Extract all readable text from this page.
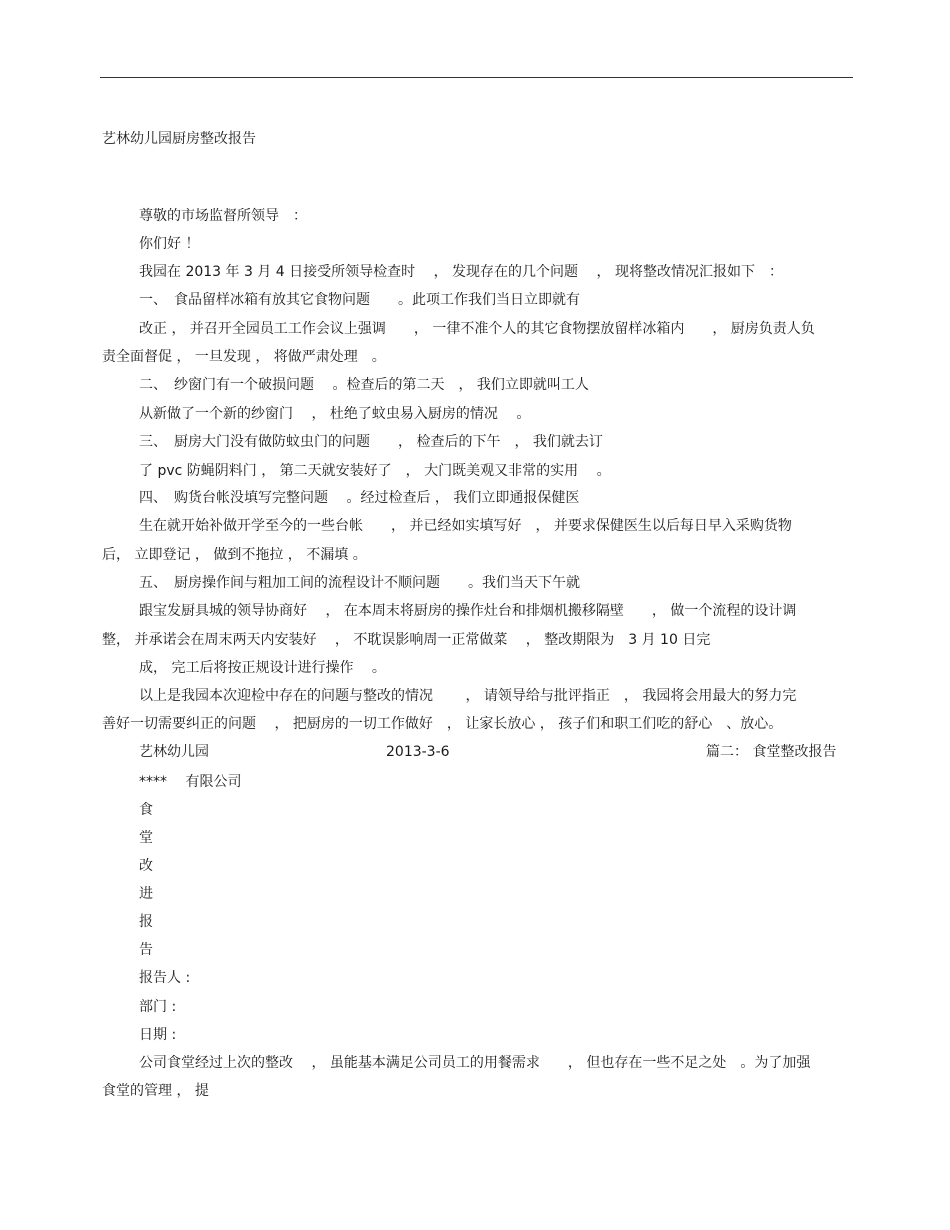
艺林幼儿园厨房整改报告
尊敬的市场监督所领导　：
你们好 ！
我园在 2013 年 3 月 4 日接受所领导检查时　 ， 发现存在的几个问题　 ， 现将整改情况汇报如下　：
一、　食品留样冰箱有放其它食物问题　　。此项工作我们当日立即就有
改正 ， 并召开全园员工工作会议上强调　　， 一律不准个人的其它食物摆放留样冰箱内　　， 厨房负责人负
责全面督促 ， 一旦发现 ， 将做严肃处理　。
二、　纱窗门有一个破损问题　 。检查后的第二天　， 我们立即就叫工人
从新做了一个新的纱窗门　 ， 杜绝了蚊虫易入厨房的情况　 。
三、　厨房大门没有做防蚊虫门的问题　　， 检查后的下午　， 我们就去订
了 pvc 防蝇阴料门 ， 第二天就安装好了　， 大门既美观又非常的实用　 。
四、　购货台帐没填写完整问题　 。经过检查后 ， 我们立即通报保健医
生在就开始补做开学至今的一些台帐　　， 并已经如实填写好　， 并要求保健医生以后每日早入采购货物
后， 立即登记 ， 做到不拖拉 ， 不漏填 。
五、　厨房操作间与粗加工间的流程设计不顺问题　　。我们当天下午就
跟宝发厨具城的领导协商好　 ， 在本周末将厨房的操作灶台和排烟机搬移隔壁　　， 做一个流程的设计调
整， 并承诺会在周末两天内安装好　 ， 不耽误影响周一正常做菜　 ， 整改期限为　3 月 10 日完
成， 完工后将按正规设计进行操作　 。
以上是我园本次迎检中存在的问题与整改的情况　　 ， 请领导给与批评指正　， 我园将会用最大的努力完
善好一切需要纠正的问题　 ， 把厨房的一切工作做好　， 让家长放心 ， 孩子们和职工们吃的舒心　、放心。
艺林幼儿园	2013-3-6	篇二： 食堂整改报告
****　 有限公司
食
堂
改
进
报
告
报告人 :
部门 :
日期 :
公司食堂经过上次的整改　 ， 虽能基本满足公司员工的用餐需求　　， 但也存在一些不足之处　。为了加强
食堂的管理 ， 提
